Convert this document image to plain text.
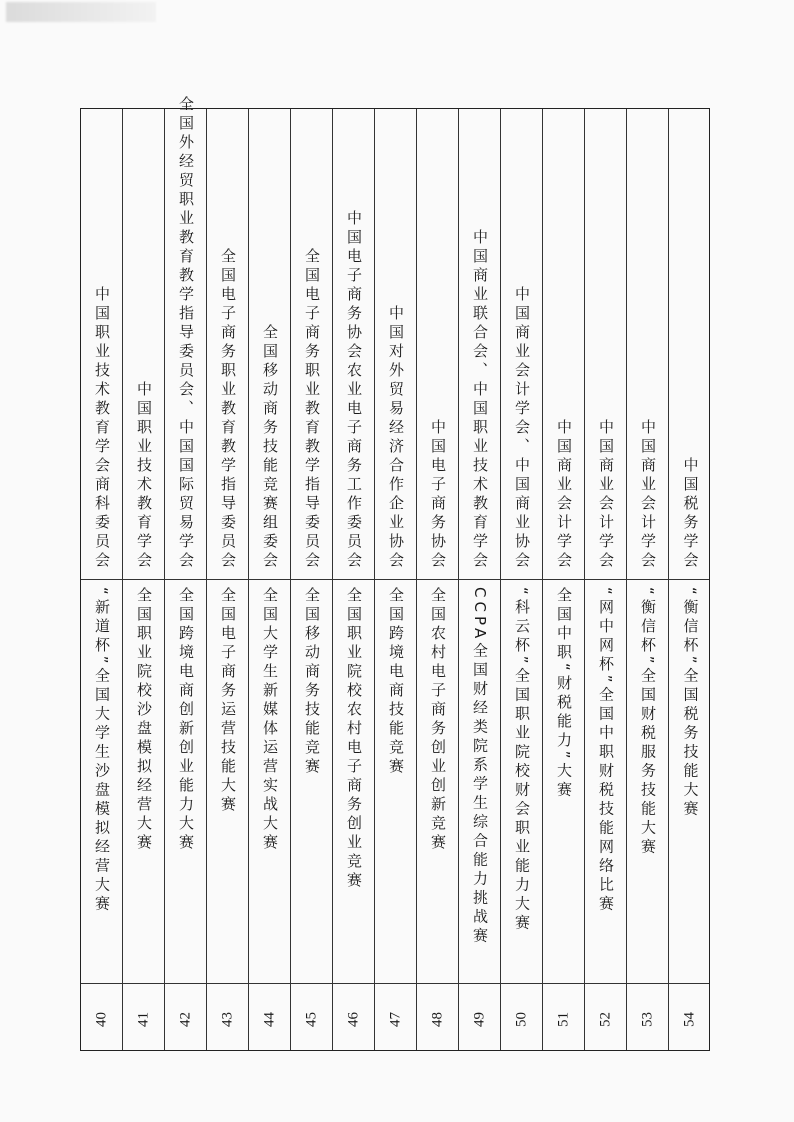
中国职业技术教育学会商科委员会
“新道杯”全国大学生沙盘模拟经营大赛
40
中国职业技术教育学会
全国职业院校沙盘模拟经营大赛
41
全国外经贸职业教育教学指导委员会、中国国际贸易学会
全国跨境电商创新创业能力大赛
42
全国电子商务职业教育教学指导委员会
全国电子商务运营技能大赛
43
全国移动商务技能竞赛组委会
全国大学生新媒体运营实战大赛
44
全国电子商务职业教育教学指导委员会
全国移动商务技能竞赛
45
中国电子商务协会农业电子商务工作委员会
全国职业院校农村电子商务创业竞赛
46
中国对外贸易经济合作企业协会
全国跨境电商技能竞赛
47
中国电子商务协会
全国农村电子商务创业创新竞赛
48
中国商业联合会、中国职业技术教育学会
CCPA全国财经类院系学生综合能力挑战赛
49
中国商业会计学会、中国商业协会
“科云杯”全国职业院校财会职业能力大赛
50
中国商业会计学会
全国中职“财税能力”大赛
51
中国商业会计学会
“网中网杯”全国中职财税技能网络比赛
52
中国商业会计学会
“衡信杯”全国财税服务技能大赛
53
中国税务学会
“衡信杯”全国税务技能大赛
54
